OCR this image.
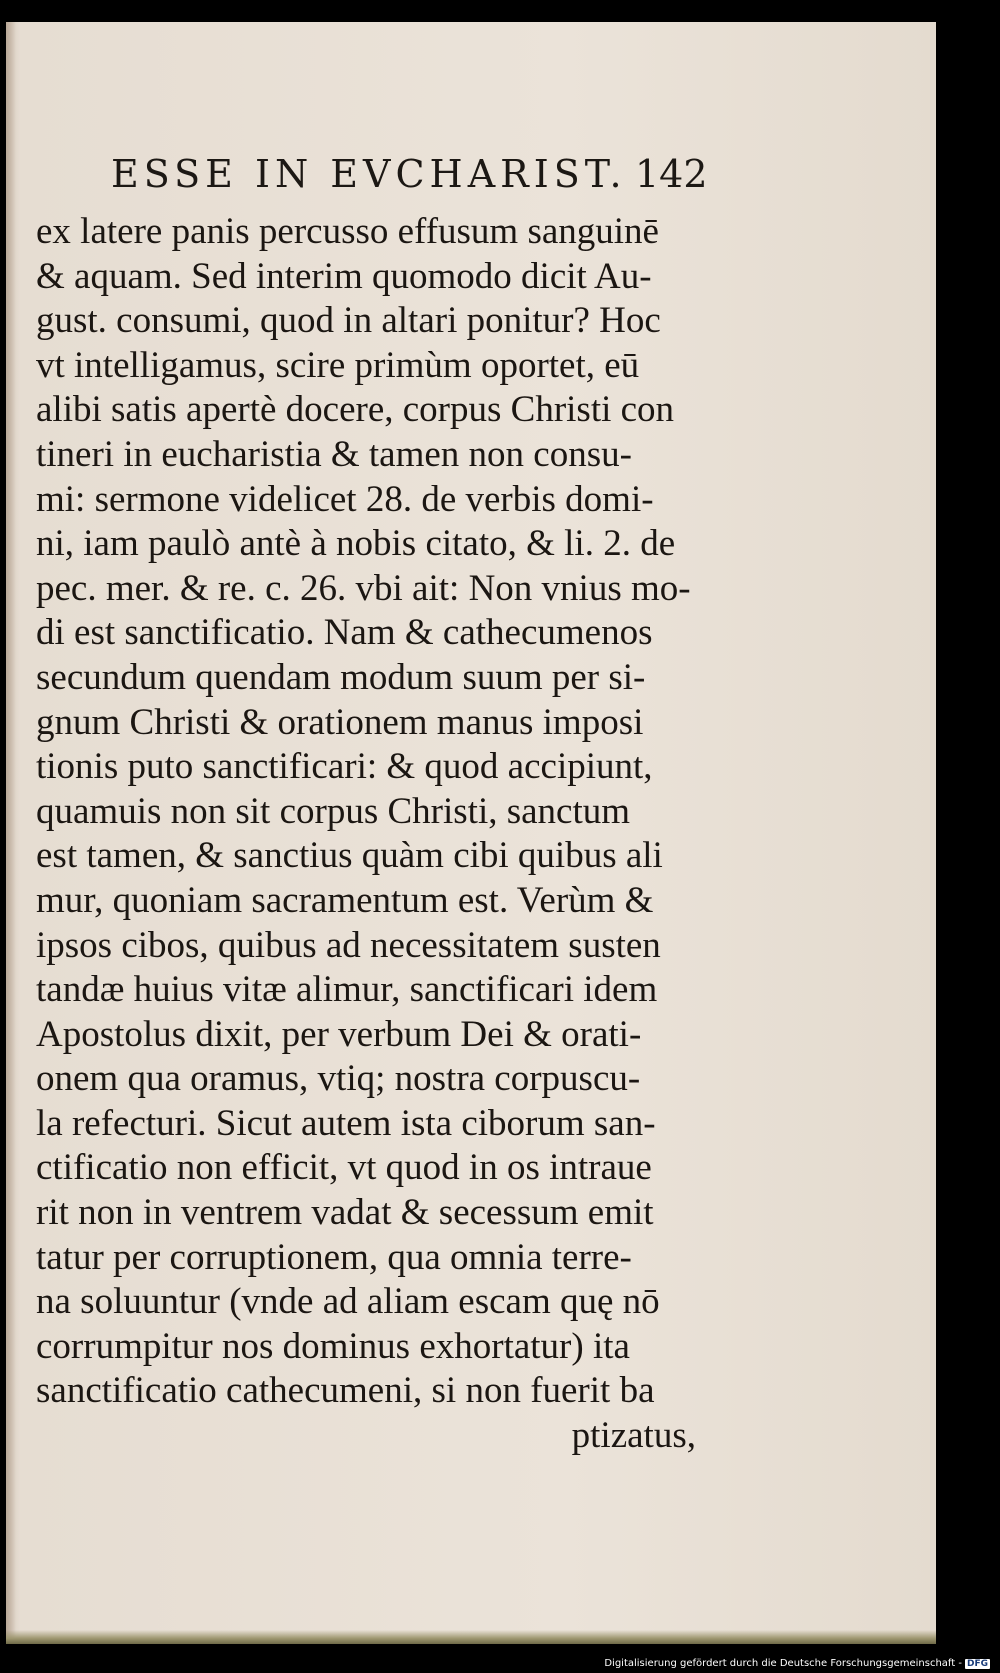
ESSE IN EVCHARIST. 142
ex latere panis percusso effusum sanguinē
& aquam. Sed interim quomodo dicit Au-
gust. consumi, quod in altari ponitur? Hoc
vt intelligamus, scire primùm oportet, eū
alibi satis apertè docere, corpus Christi con
tineri in eucharistia & tamen non consu-
mi: sermone videlicet 28. de verbis domi-
ni, iam paulò antè à nobis citato, & li. 2. de
pec. mer. & re. c. 26. vbi ait: Non vnius mo-
di est sanctificatio. Nam & cathecumenos
secundum quendam modum suum per si-
gnum Christi & orationem manus imposi
tionis puto sanctificari: & quod accipiunt,
quamuis non sit corpus Christi, sanctum
est tamen, & sanctius quàm cibi quibus ali
mur, quoniam sacramentum est. Verùm &
ipsos cibos, quibus ad necessitatem susten
tandæ huius vitæ alimur, sanctificari idem
Apostolus dixit, per verbum Dei & orati-
onem qua oramus, vtiq; nostra corpuscu-
la refecturi. Sicut autem ista ciborum san-
ctificatio non efficit, vt quod in os intraue
rit non in ventrem vadat & secessum emit
tatur per corruptionem, qua omnia terre-
na soluuntur (vnde ad aliam escam quę nō
corrumpitur nos dominus exhortatur) ita
sanctificatio cathecumeni, si non fuerit ba
ptizatus,
Digitalisierung gefördert durch die Deutsche Forschungsgemeinschaft - DFG
